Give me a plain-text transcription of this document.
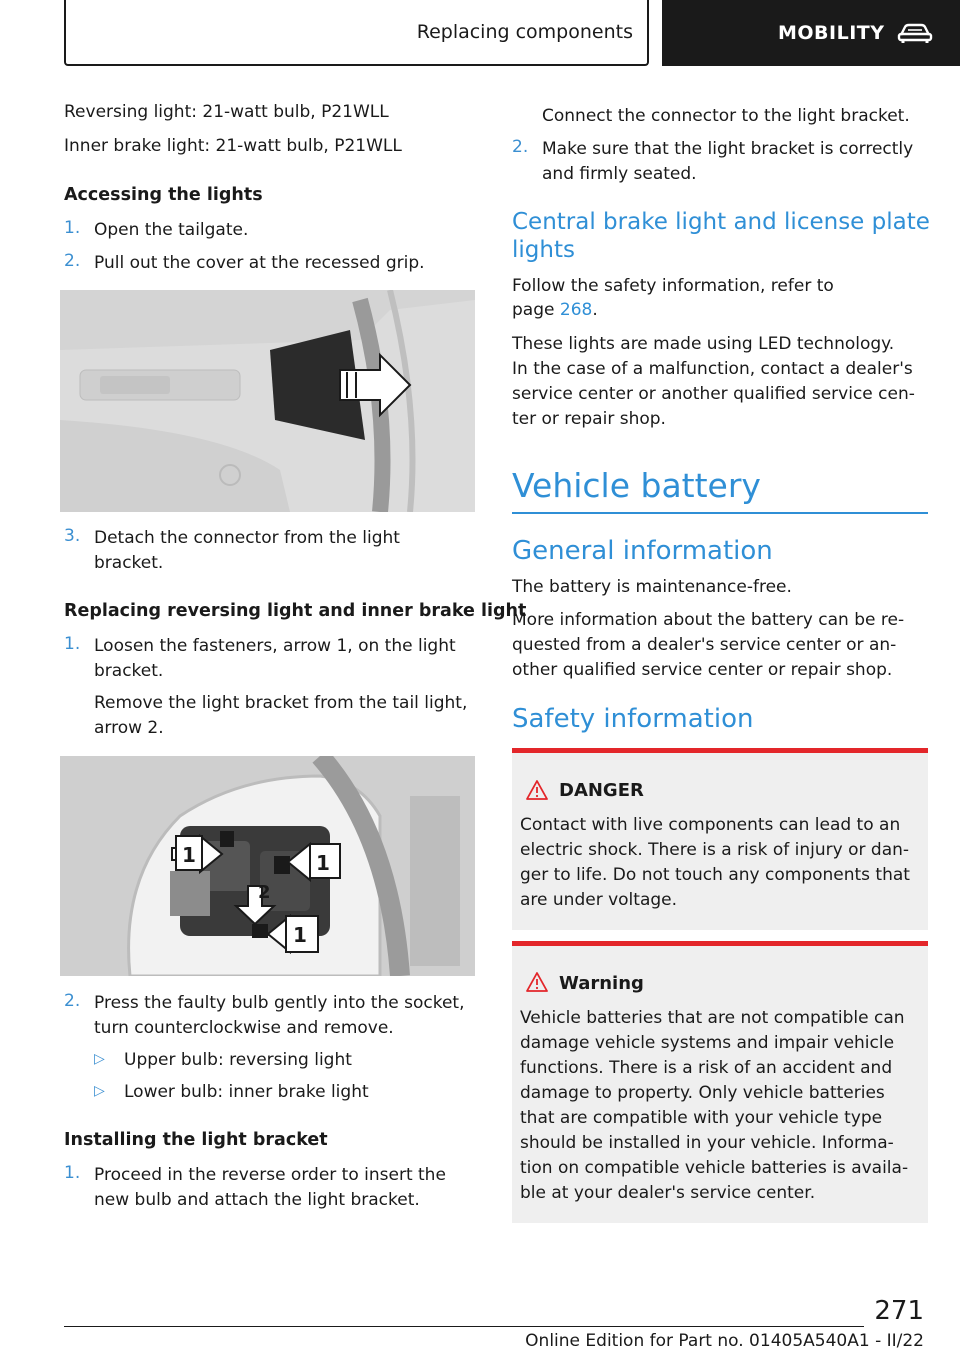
Replacing components	MOBILITY
Reversing light: 21-watt bulb, P21WLL
Inner brake light: 21-watt bulb, P21WLL
Accessing the lights
1. Open the tailgate.
2. Pull out the cover at the recessed grip.
3. Detach the connector from the light
bracket.
Replacing reversing light and inner brake light
1. Loosen the fasteners, arrow 1, on the light
bracket.
Remove the light bracket from the tail light,
arrow 2.
1	1
2
1
2. Press the faulty bulb gently into the socket,
turn counterclockwise and remove.
▷ Upper bulb: reversing light
▷ Lower bulb: inner brake light
Installing the light bracket
1. Proceed in the reverse order to insert the
new bulb and attach the light bracket.
Connect the connector to the light bracket.
2. Make sure that the light bracket is correctly
and firmly seated.
Central brake light and license plate
lights
Follow the safety information, refer to
page 268.
These lights are made using LED technology.
In the case of a malfunction, contact a dealer's
service center or another qualified service cen-
ter or repair shop.
Vehicle battery
General information
The battery is maintenance-free.
More information about the battery can be re-
quested from a dealer's service center or an-
other qualified service center or repair shop.
Safety information
DANGER
Contact with live components can lead to an
electric shock. There is a risk of injury or dan-
ger to life. Do not touch any components that
are under voltage.
Warning
Vehicle batteries that are not compatible can
damage vehicle systems and impair vehicle
functions. There is a risk of an accident and
damage to property. Only vehicle batteries
that are compatible with your vehicle type
should be installed in your vehicle. Informa-
tion on compatible vehicle batteries is availa-
ble at your dealer's service center.
271
Online Edition for Part no. 01405A540A1 - II/22
